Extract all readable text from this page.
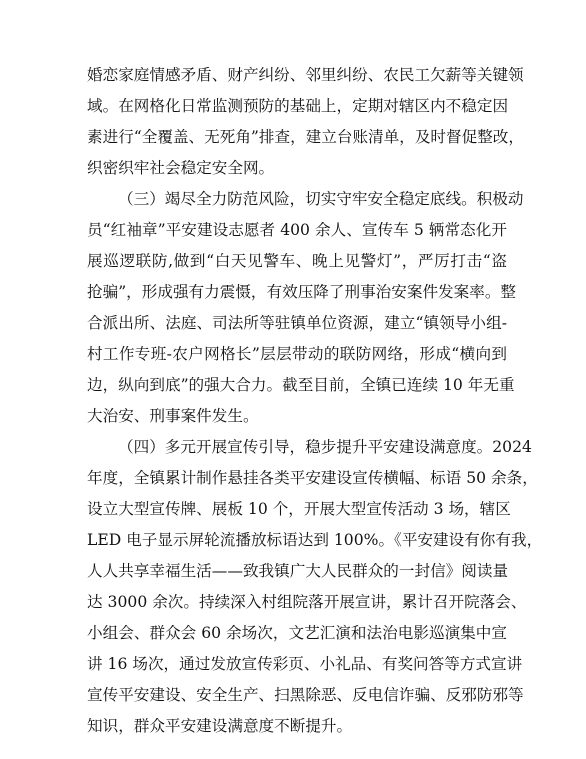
婚恋家庭情感矛盾、财产纠纷、邻里纠纷、农民工欠薪等关键领
域。在网格化日常监测预防的基础上，定期对辖区内不稳定因
素进行“全覆盖、无死角”排查，建立台账清单，及时督促整改，
织密织牢社会稳定安全网。
（三）竭尽全力防范风险，切实守牢安全稳定底线。积极动
员“红袖章”平安建设志愿者 400 余人、宣传车 5 辆常态化开
展巡逻联防,做到“白天见警车、晚上见警灯”，严厉打击“盗
抢骗”，形成强有力震慑，有效压降了刑事治安案件发案率。整
合派出所、法庭、司法所等驻镇单位资源，建立“镇领导小组-
村工作专班-农户网格长”层层带动的联防网络，形成“横向到
边，纵向到底”的强大合力。截至目前，全镇已连续 10 年无重
大治安、刑事案件发生。
（四）多元开展宣传引导，稳步提升平安建设满意度。2024
年度，全镇累计制作悬挂各类平安建设宣传横幅、标语 50 余条，
设立大型宣传牌、展板 10 个，开展大型宣传活动 3 场，辖区
LED 电子显示屏轮流播放标语达到 100%。《平安建设有你有我，
人人共享幸福生活——致我镇广大人民群众的一封信》阅读量
达 3000 余次。持续深入村组院落开展宣讲，累计召开院落会、
小组会、群众会 60 余场次，文艺汇演和法治电影巡演集中宣
讲 16 场次，通过发放宣传彩页、小礼品、有奖问答等方式宣讲
宣传平安建设、安全生产、扫黑除恶、反电信诈骗、反邪防邪等
知识，群众平安建设满意度不断提升。
